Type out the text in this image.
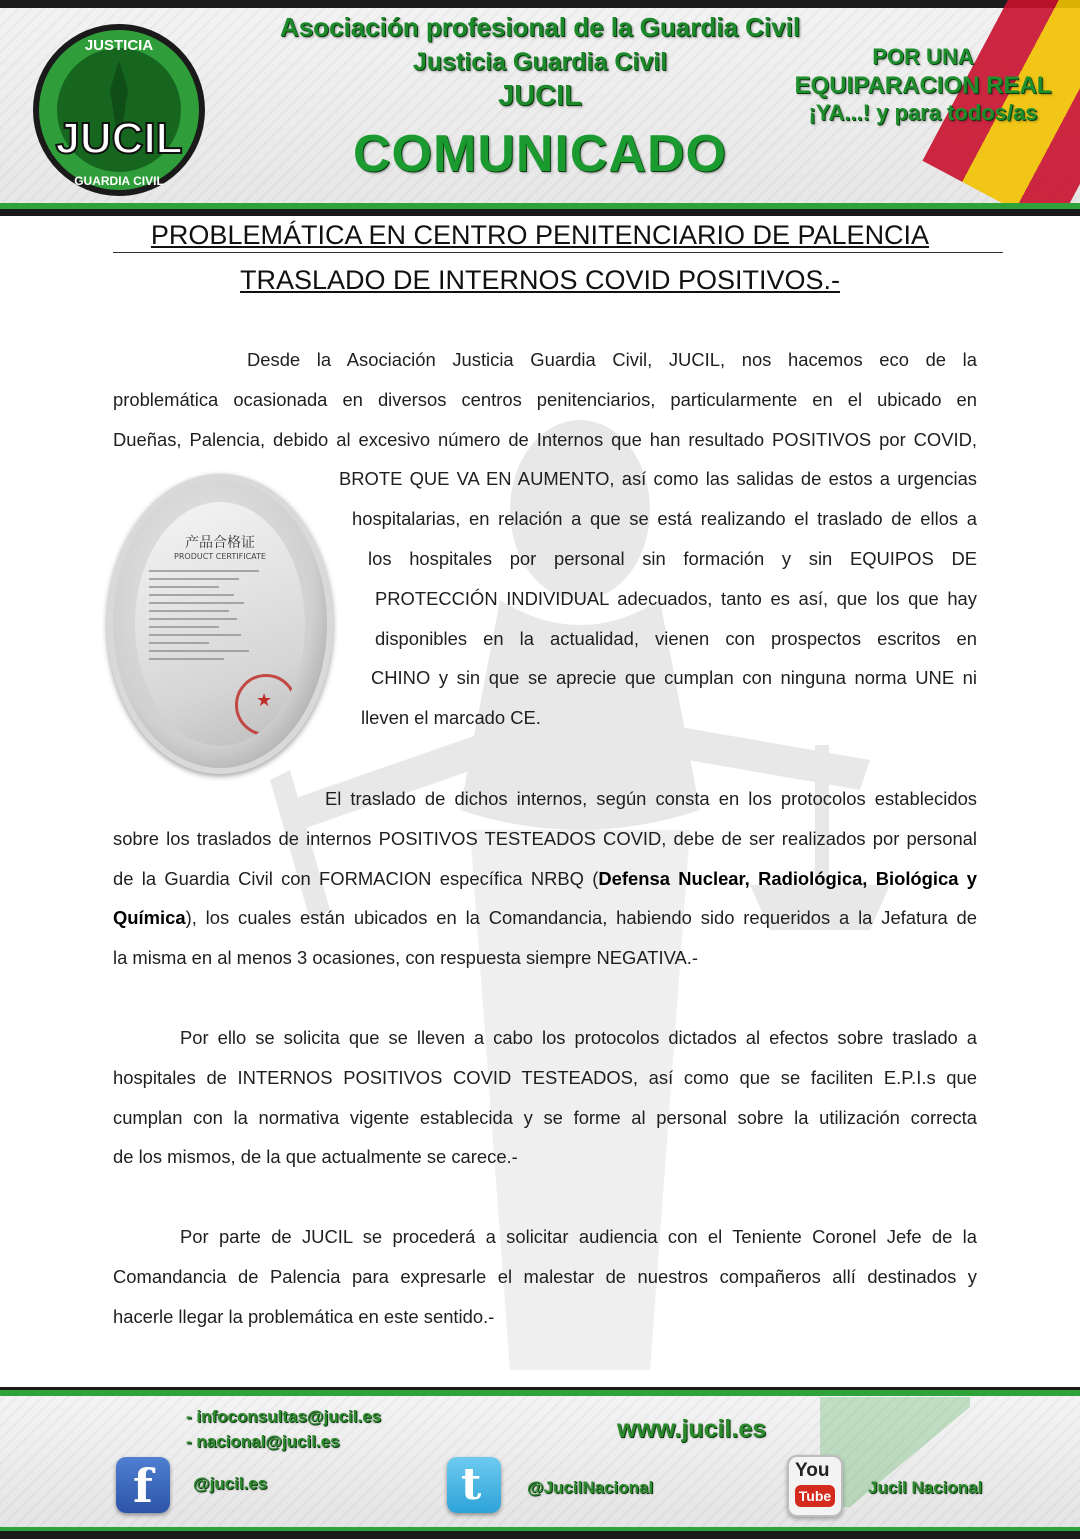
JUSTICIA
JUCIL
GUARDIA CIVIL
Asociación profesional de la Guardia Civil
Justicia Guardia Civil
JUCIL
COMUNICADO
POR UNA
EQUIPARACION REAL
¡YA...! y para todos/as
PROBLEMÁTICA EN CENTRO PENITENCIARIO DE PALENCIA
TRASLADO DE INTERNOS COVID POSITIVOS.-
产品合格证
PRODUCT CERTIFICATE
★
Desde la Asociación Justicia Guardia Civil, JUCIL, nos hacemos eco de la
problemática ocasionada en diversos centros penitenciarios, particularmente en el ubicado en
Dueñas, Palencia, debido al excesivo número de Internos que han resultado POSITIVOS por COVID,
BROTE QUE VA EN AUMENTO, así como las salidas de estos a urgencias
hospitalarias, en relación a que se está realizando el traslado de ellos a
los hospitales por personal sin formación y sin EQUIPOS DE
PROTECCIÓN INDIVIDUAL adecuados, tanto es así, que los que hay
disponibles en la actualidad, vienen con prospectos escritos en
CHINO y sin que se aprecie que cumplan con ninguna norma UNE ni
lleven el marcado CE.
El traslado de dichos internos, según consta en los protocolos establecidos
sobre los traslados de internos POSITIVOS TESTEADOS COVID, debe de ser realizados por personal
de la Guardia Civil con FORMACION específica NRBQ (Defensa Nuclear, Radiológica, Biológica y
Química), los cuales están ubicados en la Comandancia, habiendo sido requeridos a la Jefatura de
la misma en al menos 3 ocasiones, con respuesta siempre NEGATIVA.-
Por ello se solicita que se lleven a cabo los protocolos dictados al efectos sobre traslado a
hospitales de INTERNOS POSITIVOS COVID TESTEADOS, así como que se faciliten E.P.I.s que
cumplan con la normativa vigente establecida y se forme al personal sobre la utilización correcta
de los mismos, de la que actualmente se carece.-
Por parte de JUCIL se procederá a solicitar audiencia con el Teniente Coronel Jefe de la
Comandancia de Palencia para expresarle el malestar de nuestros compañeros allí destinados y
hacerle llegar la problemática en este sentido.-
- infoconsultas@jucil.es
- nacional@jucil.es	www.jucil.es
f @jucil.es	t	@JucilNacional
You
Tube Jucil Nacional
